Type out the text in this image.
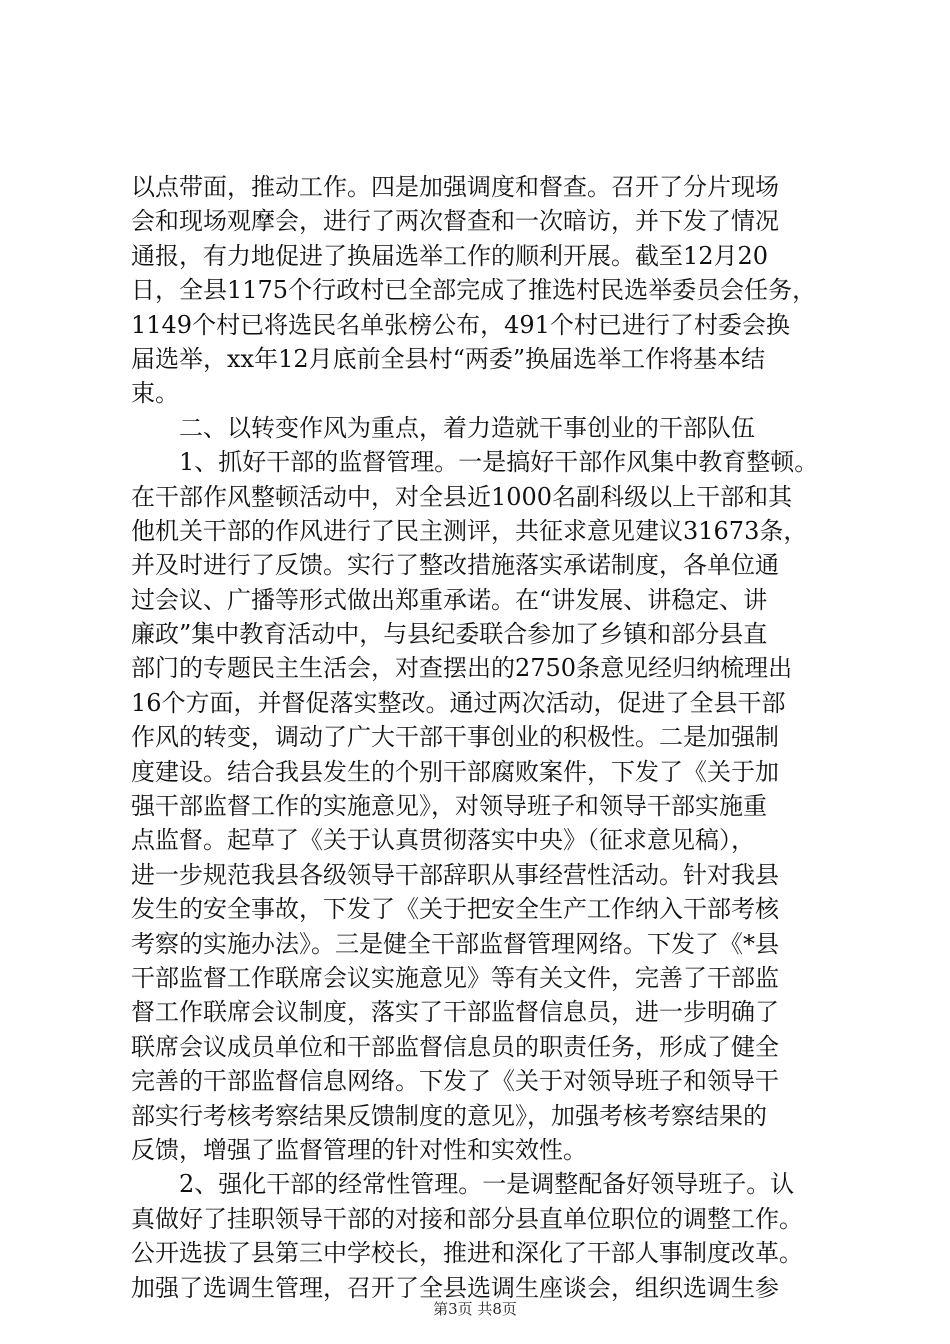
以点带面，推动工作。四是加强调度和督查。召开了分片现场
会和现场观摩会，进行了两次督查和一次暗访，并下发了情况
通报，有力地促进了换届选举工作的顺利开展。截至12月20
日，全县1175个行政村已全部完成了推选村民选举委员会任务，
1149个村已将选民名单张榜公布，491个村已进行了村委会换
届选举，xx年12月底前全县村“两委”换届选举工作将基本结
束。
二、以转变作风为重点，着力造就干事创业的干部队伍
1、抓好干部的监督管理。一是搞好干部作风集中教育整顿。
在干部作风整顿活动中，对全县近1000名副科级以上干部和其
他机关干部的作风进行了民主测评，共征求意见建议31673条，
并及时进行了反馈。实行了整改措施落实承诺制度，各单位通
过会议、广播等形式做出郑重承诺。在“讲发展、讲稳定、讲
廉政”集中教育活动中，与县纪委联合参加了乡镇和部分县直
部门的专题民主生活会，对查摆出的2750条意见经归纳梳理出
16个方面，并督促落实整改。通过两次活动，促进了全县干部
作风的转变，调动了广大干部干事创业的积极性。二是加强制
度建设。结合我县发生的个别干部腐败案件，下发了《关于加
强干部监督工作的实施意见》，对领导班子和领导干部实施重
点监督。起草了《关于认真贯彻落实中央》（征求意见稿），
进一步规范我县各级领导干部辞职从事经营性活动。针对我县
发生的安全事故，下发了《关于把安全生产工作纳入干部考核
考察的实施办法》。三是健全干部监督管理网络。下发了《*县
干部监督工作联席会议实施意见》等有关文件，完善了干部监
督工作联席会议制度，落实了干部监督信息员，进一步明确了
联席会议成员单位和干部监督信息员的职责任务，形成了健全
完善的干部监督信息网络。下发了《关于对领导班子和领导干
部实行考核考察结果反馈制度的意见》，加强考核考察结果的
反馈，增强了监督管理的针对性和实效性。
2、强化干部的经常性管理。一是调整配备好领导班子。认
真做好了挂职领导干部的对接和部分县直单位职位的调整工作。
公开选拔了县第三中学校长，推进和深化了干部人事制度改革。
加强了选调生管理，召开了全县选调生座谈会，组织选调生参
第3页 共8页
